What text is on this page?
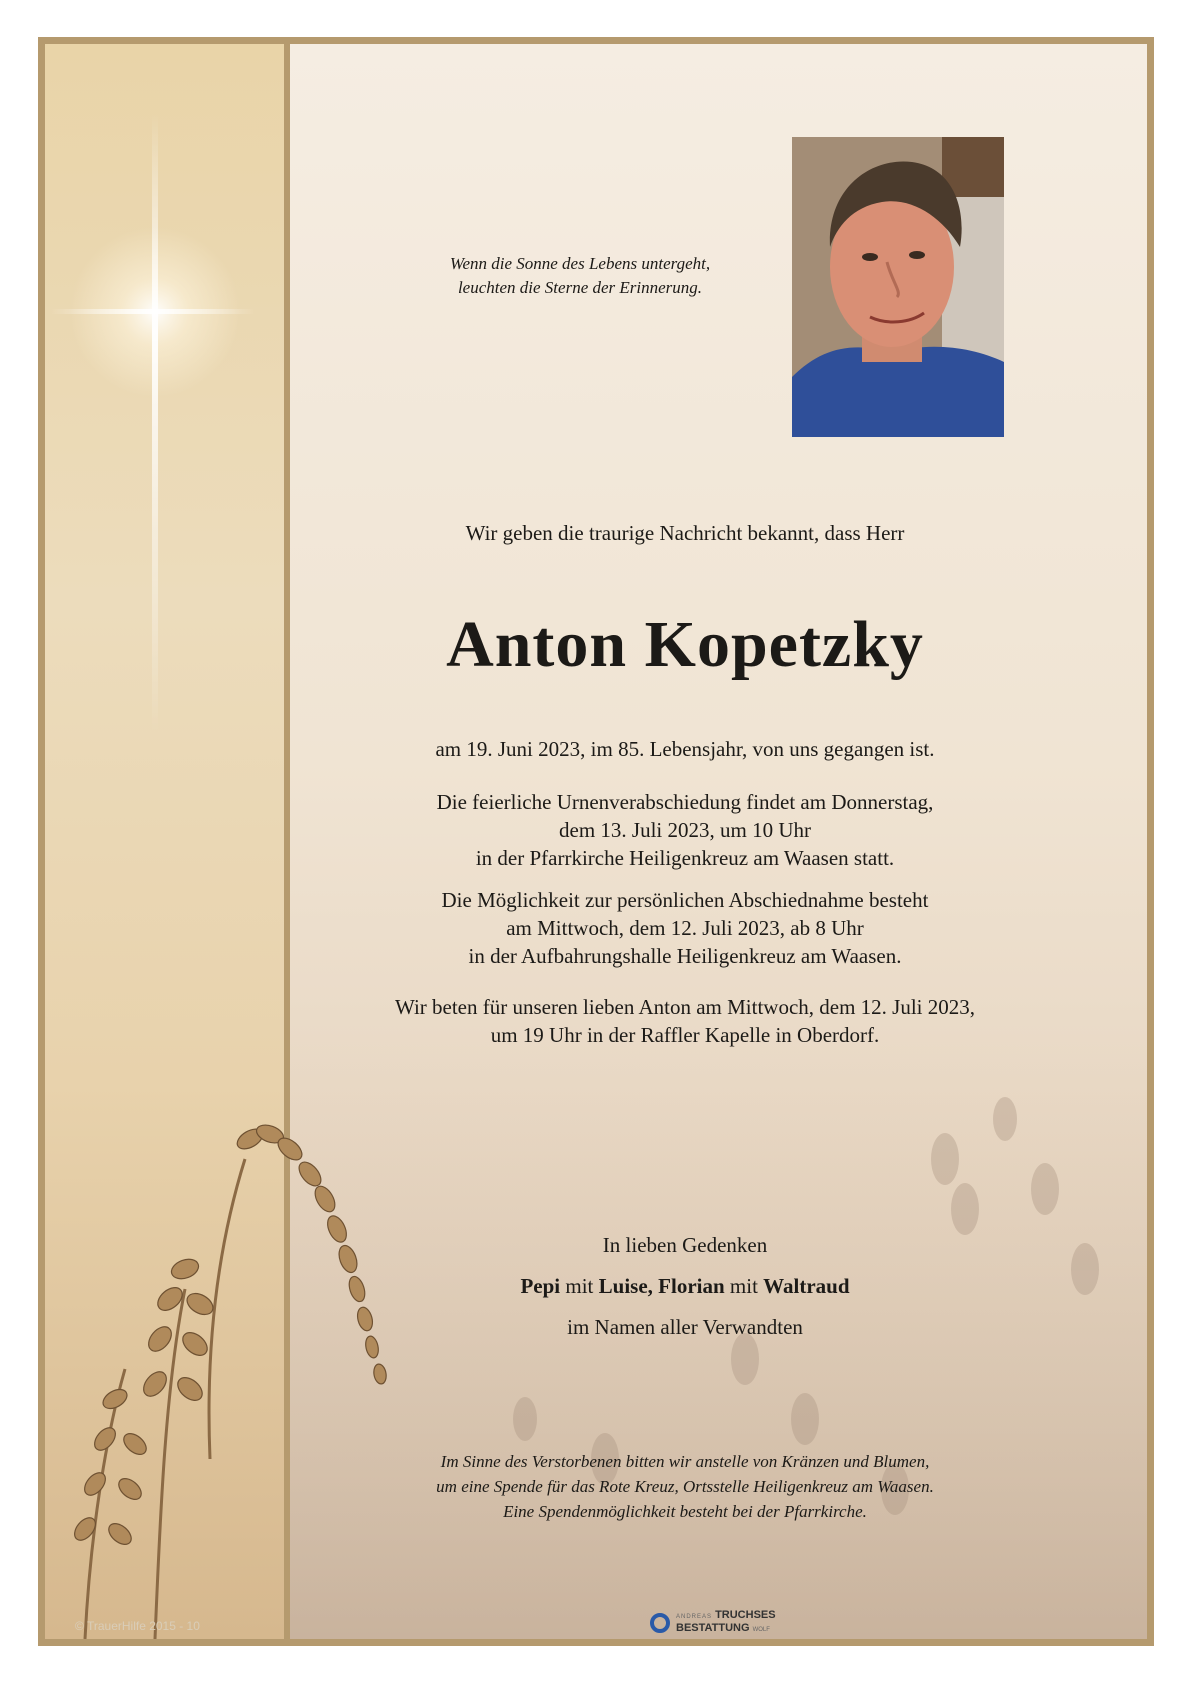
© TrauerHilfe 2015 - 10
Wenn die Sonne des Lebens untergeht,
leuchten die Sterne der Erinnerung.
Wir geben die traurige Nachricht bekannt, dass Herr
Anton Kopetzky
am 19. Juni 2023, im 85. Lebensjahr, von uns gegangen ist.
Die feierliche Urnenverabschiedung findet am Donnerstag,
dem 13. Juli 2023, um 10 Uhr
in der Pfarrkirche Heiligenkreuz am Waasen statt.
Die Möglichkeit zur persönlichen Abschiednahme besteht
am Mittwoch, dem 12. Juli 2023, ab 8 Uhr
in der Aufbahrungshalle Heiligenkreuz am Waasen.
Wir beten für unseren lieben Anton am Mittwoch, dem 12. Juli 2023,
um 19 Uhr in der Raffler Kapelle in Oberdorf.
In lieben Gedenken
Pepi mit Luise, Florian mit Waltraud
im Namen aller Verwandten
Im Sinne des Verstorbenen bitten wir anstelle von Kränzen und Blumen,
um eine Spende für das Rote Kreuz, Ortsstelle Heiligenkreuz am Waasen.
Eine Spendenmöglichkeit besteht bei der Pfarrkirche.
ANDREAS TRUCHSES
BESTATTUNG WOLF
